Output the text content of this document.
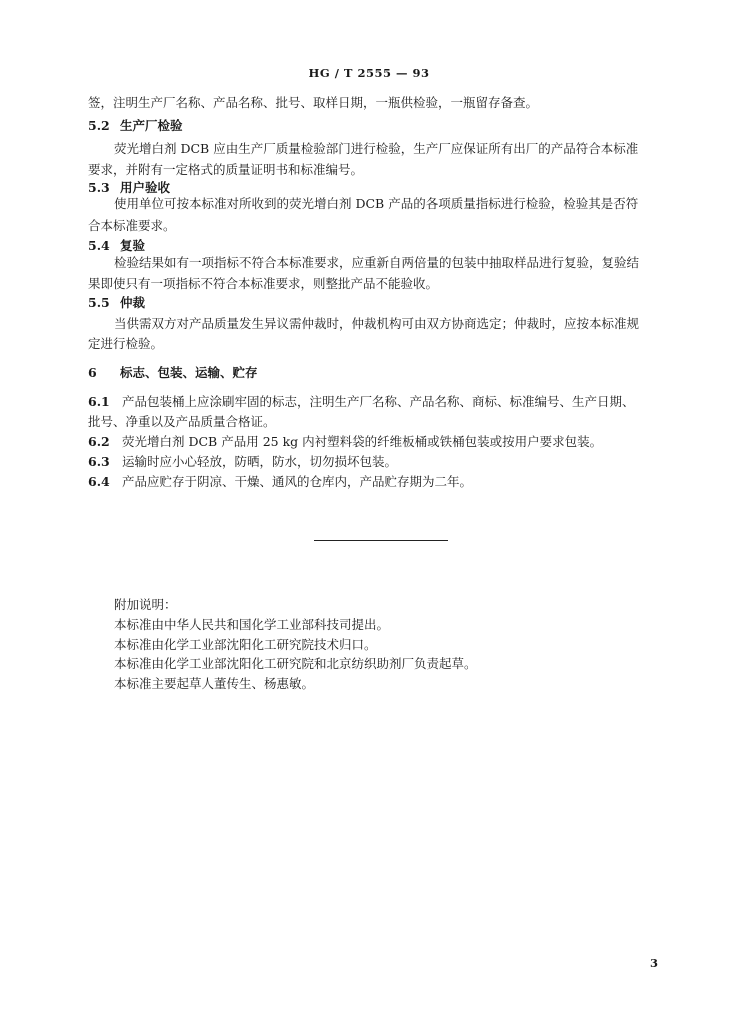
HG / T 2555 — 93
签，注明生产厂名称、产品名称、批号、取样日期，一瓶供检验，一瓶留存备查。
5.2 生产厂检验
荧光增白剂 DCB 应由生产厂质量检验部门进行检验，生产厂应保证所有出厂的产品符合本标准
要求，并附有一定格式的质量证明书和标准编号。
5.3 用户验收
使用单位可按本标准对所收到的荧光增白剂 DCB 产品的各项质量指标进行检验，检验其是否符
合本标准要求。
5.4 复验
检验结果如有一项指标不符合本标准要求，应重新自两倍量的包装中抽取样品进行复验，复验结
果即使只有一项指标不符合本标准要求，则整批产品不能验收。
5.5 仲裁
当供需双方对产品质量发生异议需仲裁时，仲裁机构可由双方协商选定；仲裁时，应按本标准规
定进行检验。
6 标志、包装、运输、贮存
6.1 产品包装桶上应涂刷牢固的标志，注明生产厂名称、产品名称、商标、标准编号、生产日期、
批号、净重以及产品质量合格证。
6.2 荧光增白剂 DCB 产品用 25 kg 内衬塑料袋的纤维板桶或铁桶包装或按用户要求包装。
6.3 运输时应小心轻放，防晒，防水，切勿损坏包装。
6.4 产品应贮存于阴凉、干燥、通风的仓库内，产品贮存期为二年。
附加说明：
本标准由中华人民共和国化学工业部科技司提出。
本标准由化学工业部沈阳化工研究院技术归口。
本标准由化学工业部沈阳化工研究院和北京纺织助剂厂负责起草。
本标准主要起草人董传生、杨惠敏。
3
